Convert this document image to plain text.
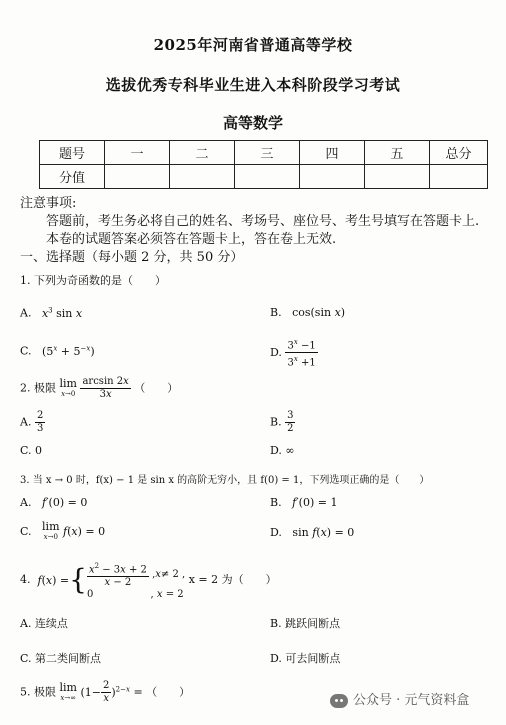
2025年河南省普通高等学校
选拔优秀专科毕业生进入本科阶段学习考试
高等数学
题号	一	二	三	四	五	总分
分值						
注意事项:
答题前，考生务必将自己的姓名、考场号、座位号、考生号填写在答题卡上.
本卷的试题答案必须答在答题卡上，答在卷上无效.
一、选择题（每小题 2 分，共 50 分）
1. 下列为奇函数的是（　　）
A. $x^3$ sin x	B.   cos(sin x)
C.   $(5^x + 5^{-x})$	D. $\frac{3^x -1}{3^x +1}$
2. 极限 lim
x→0
$\frac{\arcsin 2x}{3x}$ （　　）
A. $\frac{2}{3}$	B. $\frac{3}{2}$
C. 0	D. ∞
3. 当 x → 0 时，f(x) − 1 是 sin x 的高阶无穷小，且 f(0) = 1，下列选项正确的是（　　）
A. f′(0) = 0	B. f′(0) = 1
C. lim
x→0 f(x) = 0	D.   sin f(x) = 0
4. f ( x ) = { $\frac{x^2 - 3x + 2}{x - 2}$ , x ≠ 2 ,
0                  , x = 2
x = 2 为（　　）
A. 连续点	B. 跳跃间断点
C. 第二类间断点	D. 可去间断点
5. 极限 lim
x→∞ $(1- \frac{2}{x} )^{2-x}$ = （　　）
公众号 · 元气资料盒
